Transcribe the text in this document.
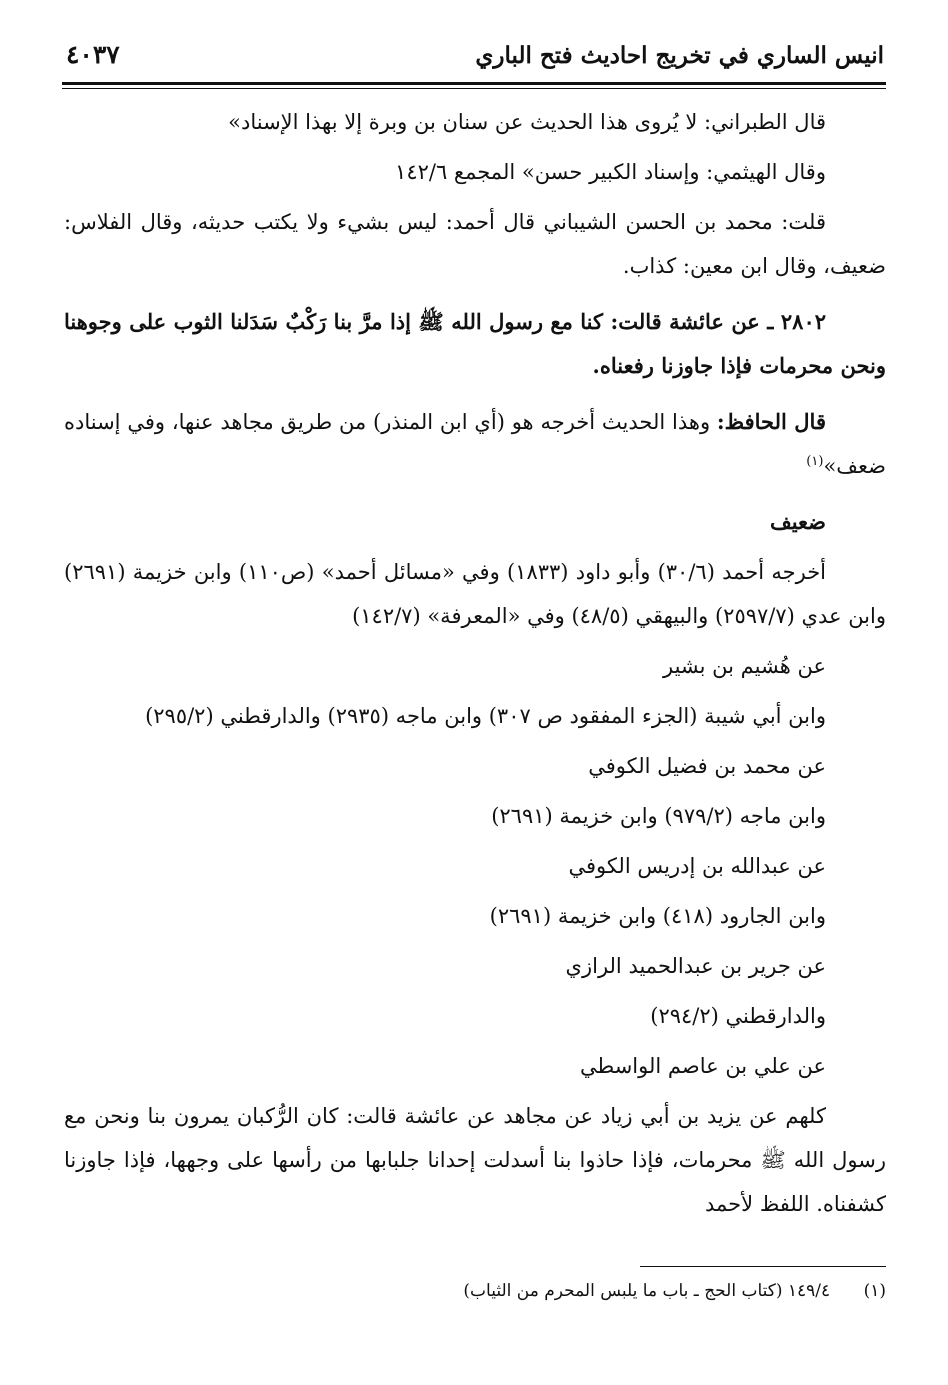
انيس الساري في تخريج احاديث فتح الباري
٤٠٣٧

قال الطبراني: لا يُروى هذا الحديث عن سنان بن وبرة إلا بهذا الإسناد»

وقال الهيثمي: وإسناد الكبير حسن» المجمع ١٤٢/٦

قلت: محمد بن الحسن الشيباني قال أحمد: ليس بشيء ولا يكتب حديثه، وقال الفلاس: ضعيف، وقال ابن معين: كذاب.

٢٨٠٢ ـ عن عائشة قالت: كنا مع رسول الله ﷺ إذا مرَّ بنا رَكْبٌ سَدَلنا الثوب على وجوهنا ونحن محرمات فإذا جاوزنا رفعناه.

قال الحافظ: وهذا الحديث أخرجه هو (أي ابن المنذر) من طريق مجاهد عنها، وفي إسناده ضعف»$^{(١)}$

ضعيف

أخرجه أحمد (٣٠/٦) وأبو داود (١٨٣٣) وفي «مسائل أحمد» (ص١١٠) وابن خزيمة (٢٦٩١) وابن عدي (٢٥٩٧/٧) والبيهقي (٤٨/٥) وفي «المعرفة» (١٤٢/٧)

عن هُشيم بن بشير

وابن أبي شيبة (الجزء المفقود ص ٣٠٧) وابن ماجه (٢٩٣٥) والدارقطني (٢٩٥/٢)

عن محمد بن فضيل الكوفي

وابن ماجه (٩٧٩/٢) وابن خزيمة (٢٦٩١)

عن عبدالله بن إدريس الكوفي

وابن الجارود (٤١٨) وابن خزيمة (٢٦٩١)

عن جرير بن عبدالحميد الرازي

والدارقطني (٢٩٤/٢)

عن علي بن عاصم الواسطي

كلهم عن يزيد بن أبي زياد عن مجاهد عن عائشة قالت: كان الرُّكبان يمرون بنا ونحن مع رسول الله ﷺ محرمات، فإذا حاذوا بنا أسدلت إحدانا جلبابها من رأسها على وجهها، فإذا جاوزنا كشفناه. اللفظ لأحمد

(١) ١٤٩/٤ (كتاب الحج ـ باب ما يلبس المحرم من الثياب)
